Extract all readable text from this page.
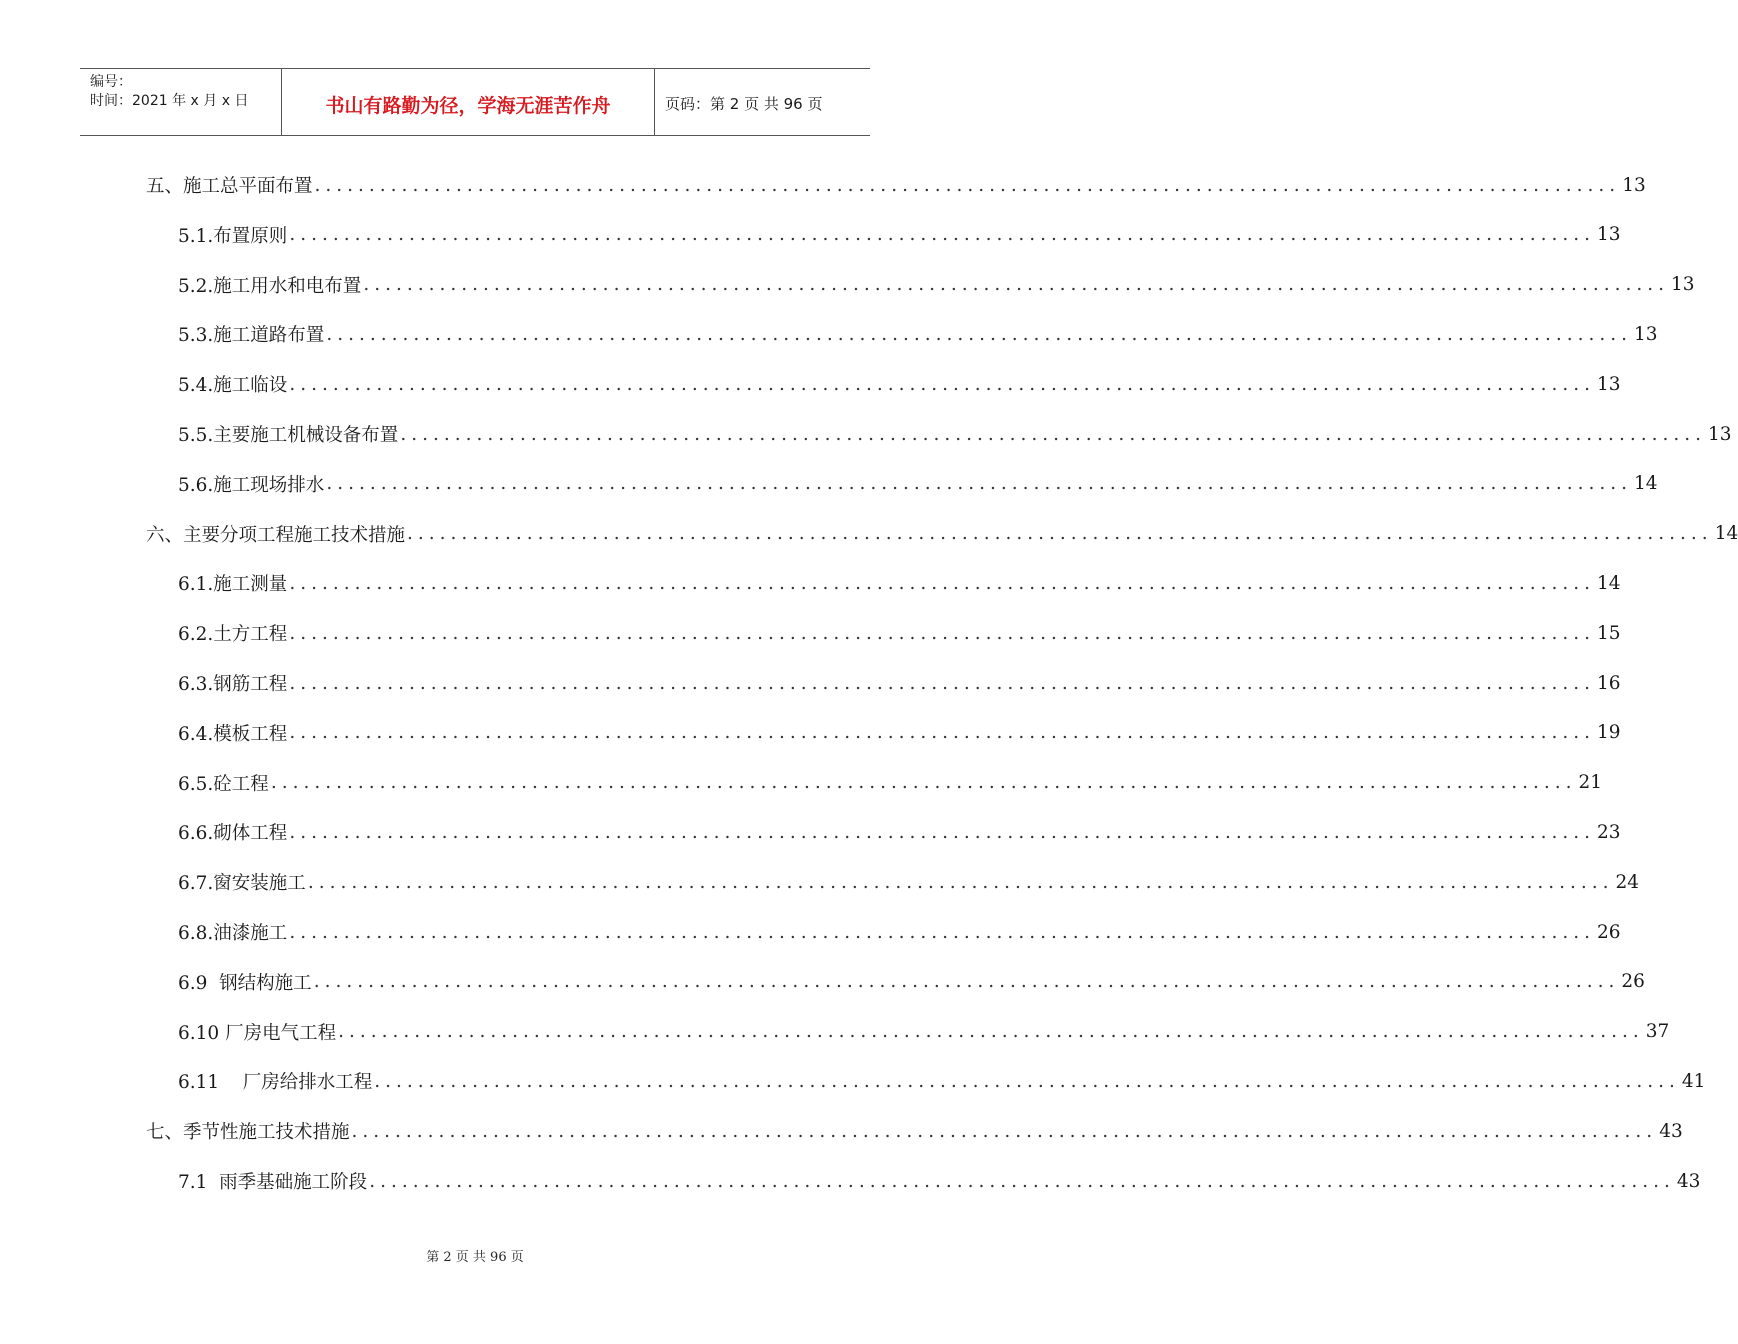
编号：
时间：2021 年 x 月 x 日	书山有路勤为径，学海无涯苦作舟	页码：第 2 页 共 96 页
五、施工总平面布置 ........................................................................................................................ 13
5.1.布置原则 ........................................................................................................................ 13
5.2.施工用水和电布置 ........................................................................................................................ 13
5.3.施工道路布置 ........................................................................................................................ 13
5.4.施工临设 ........................................................................................................................ 13
5.5.主要施工机械设备布置 ........................................................................................................................ 13
5.6.施工现场排水 ........................................................................................................................ 14
六、主要分项工程施工技术措施 ........................................................................................................................ 14
6.1.施工测量 ........................................................................................................................ 14
6.2.土方工程 ........................................................................................................................ 15
6.3.钢筋工程 ........................................................................................................................ 16
6.4.模板工程 ........................................................................................................................ 19
6.5.砼工程 ........................................................................................................................ 21
6.6.砌体工程 ........................................................................................................................ 23
6.7.窗安装施工 ........................................................................................................................ 24
6.8.油漆施工 ........................................................................................................................ 26
6.9  钢结构施工 ........................................................................................................................ 26
6.10 厂房电气工程 ........................................................................................................................ 37
6.11    厂房给排水工程 ........................................................................................................................ 41
七、季节性施工技术措施 ........................................................................................................................ 43
7.1  雨季基础施工阶段 ........................................................................................................................ 43
第 2 页 共 96 页
